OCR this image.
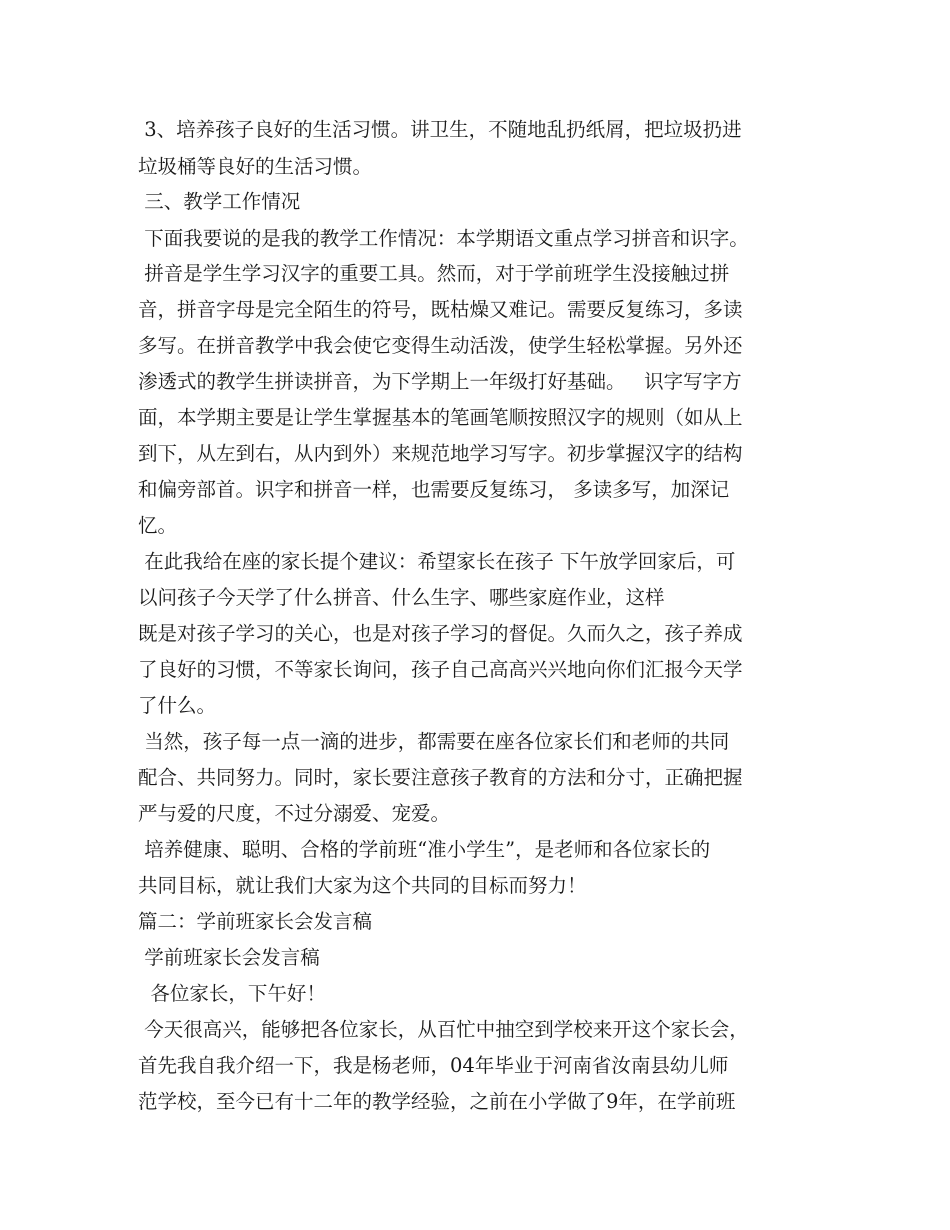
3、培养孩子良好的生活习惯。讲卫生，不随地乱扔纸屑，把垃圾扔进

垃圾桶等良好的生活习惯。

三、教学工作情况

下面我要说的是我的教学工作情况：本学期语文重点学习拼音和识字。

拼音是学生学习汉字的重要工具。然而，对于学前班学生没接触过拼

音，拼音字母是完全陌生的符号，既枯燥又难记。需要反复练习，多读

多写。在拼音教学中我会使它变得生动活泼，使学生轻松掌握。另外还

渗透式的教学生拼读拼音，为下学期上一年级打好基础。   识字写字方

面，本学期主要是让学生掌握基本的笔画笔顺按照汉字的规则（如从上

到下，从左到右，从内到外）来规范地学习写字。初步掌握汉字的结构

和偏旁部首。识字和拼音一样，也需要反复练习， 多读多写，加深记

忆。

在此我给在座的家长提个建议：希望家长在孩子 下午放学回家后，可

以问孩子今天学了什么拼音、什么生字、哪些家庭作业，这样

既是对孩子学习的关心，也是对孩子学习的督促。久而久之，孩子养成

了良好的习惯，不等家长询问，孩子自己高高兴兴地向你们汇报今天学

了什么。

当然，孩子每一点一滴的进步，都需要在座各位家长们和老师的共同

配合、共同努力。同时，家长要注意孩子教育的方法和分寸，正确把握

严与爱的尺度，不过分溺爱、宠爱。

培养健康、聪明、合格的学前班“准小学生”，是老师和各位家长的

共同目标，就让我们大家为这个共同的目标而努力！

篇二：学前班家长会发言稿

学前班家长会发言稿

各位家长，下午好！

今天很高兴，能够把各位家长，从百忙中抽空到学校来开这个家长会，

首先我自我介绍一下，我是杨老师，04年毕业于河南省汝南县幼儿师

范学校，至今已有十二年的教学经验，之前在小学做了9年，在学前班
